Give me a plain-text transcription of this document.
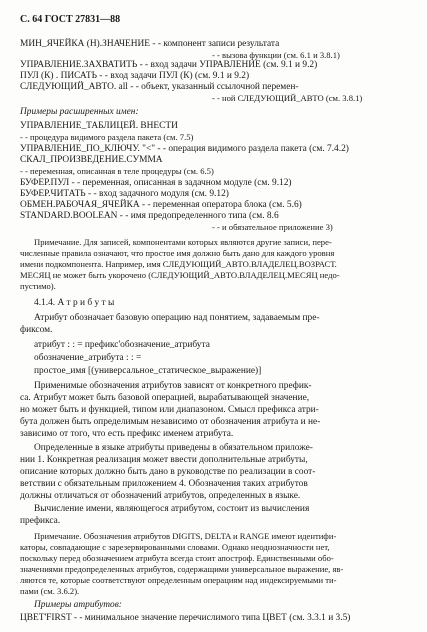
С. 64 ГОСТ 27831—88
МИН_ЯЧЕЙКА (Н).ЗНАЧЕНИЕ - - компонент записи результата
- - вызова функции (см. 6.1 и 3.8.1)
УПРАВЛЕНИЕ.ЗАХВАТИТЬ - - вход задачи УПРАВЛЕНИЕ (см. 9.1 и 9.2)
ПУЛ (К) . ПИСАТЬ - - вход задачи ПУЛ (К) (см. 9.1 и 9.2)
СЛЕДУЮЩИЙ_АВТО. all - - объект, указанный ссылочной перемен-
- - ной СЛЕДУЮЩИЙ_АВТО (см. 3.8.1)
Примеры расширенных имен:
УПРАВЛЕНИЕ_ТАБЛИЦЕЙ. ВНЕСТИ
- - процедура видимого раздела пакета (см. 7.5)
УПРАВЛЕНИЕ_ПО_КЛЮЧУ. "<" - - операция видимого раздела пакета (см. 7.4.2)
СКАЛ_ПРОИЗВЕДЕНИЕ.СУММА
- - переменная, описанная в теле процедуры (см. 6.5)
БУФЕР.ПУЛ - - переменная, описанная в задачном модуле (см. 9.12)
БУФЕР.ЧИТАТЬ - - вход задачного модуля (см. 9.12)
ОБМЕН.РАБОЧАЯ_ЯЧЕЙКА - - переменная оператора блока (см. 5.6)
STANDARD.BOOLEAN - - имя предопределенного типа (см. 8.6
- - и обязательное приложение 3)
Примечание. Для записей, компонентами которых являются другие записи, пере-
численные правила означают, что простое имя должно быть дано для каждого уровня
имени подкомпонента. Например, имя СЛЕДУЮЩИЙ_АВТО.ВЛАДЕЛЕЦ.ВОЗРАСТ.
МЕСЯЦ не может быть укорочено (СЛЕДУЮЩИЙ_АВТО.ВЛАДЕЛЕЦ.МЕСЯЦ недо-
пустимо).
4.1.4. А т р и б у т ы
Атрибут обозначает базовую операцию над понятием, задаваемым пре-
фиксом.
атрибут : : = префикс'обозначение_атрибута
обозначение_атрибута : : =
простое_имя [(универсальное_статическое_выражение)]
Применимые обозначения атрибутов зависят от конкретного префик-
са. Атрибут может быть базовой операцией, вырабатывающей значение,
но может быть и функцией, типом или диапазоном. Смысл префикса атри-
бута должен быть определимым независимо от обозначения атрибута и не-
зависимо от того, что есть префикс именем атрибута.
Определенные в языке атрибуты приведены в обязательном приложе-
нии 1. Конкретная реализация может ввести дополнительные атрибуты,
описание которых должно быть дано в руководстве по реализации в соот-
ветствии с обязательным приложением 4. Обозначения таких атрибутов
должны отличаться от обозначений атрибутов, определенных в языке.
Вычисление имени, являющегося атрибутом, состоит из вычисления
префикса.
Примечание. Обозначения атрибутов DIGITS, DELTA и RANGE имеют идентифи-
каторы, совпадающие с зарезервированными словами. Однако неоднозначности нет,
поскольку перед обозначением атрибута всегда стоит апостроф. Единственными обо-
значениями предопределенных атрибутов, содержащими универсальное выражение, яв-
ляются те, которые соответствуют определенным операциям над индексируемыми ти-
пами (см. 3.6.2).
Примеры атрибутов:
ЦВЕТ'FIRST - - минимальное значение перечислимого типа ЦВЕТ (см. 3.3.1 и 3.5)
